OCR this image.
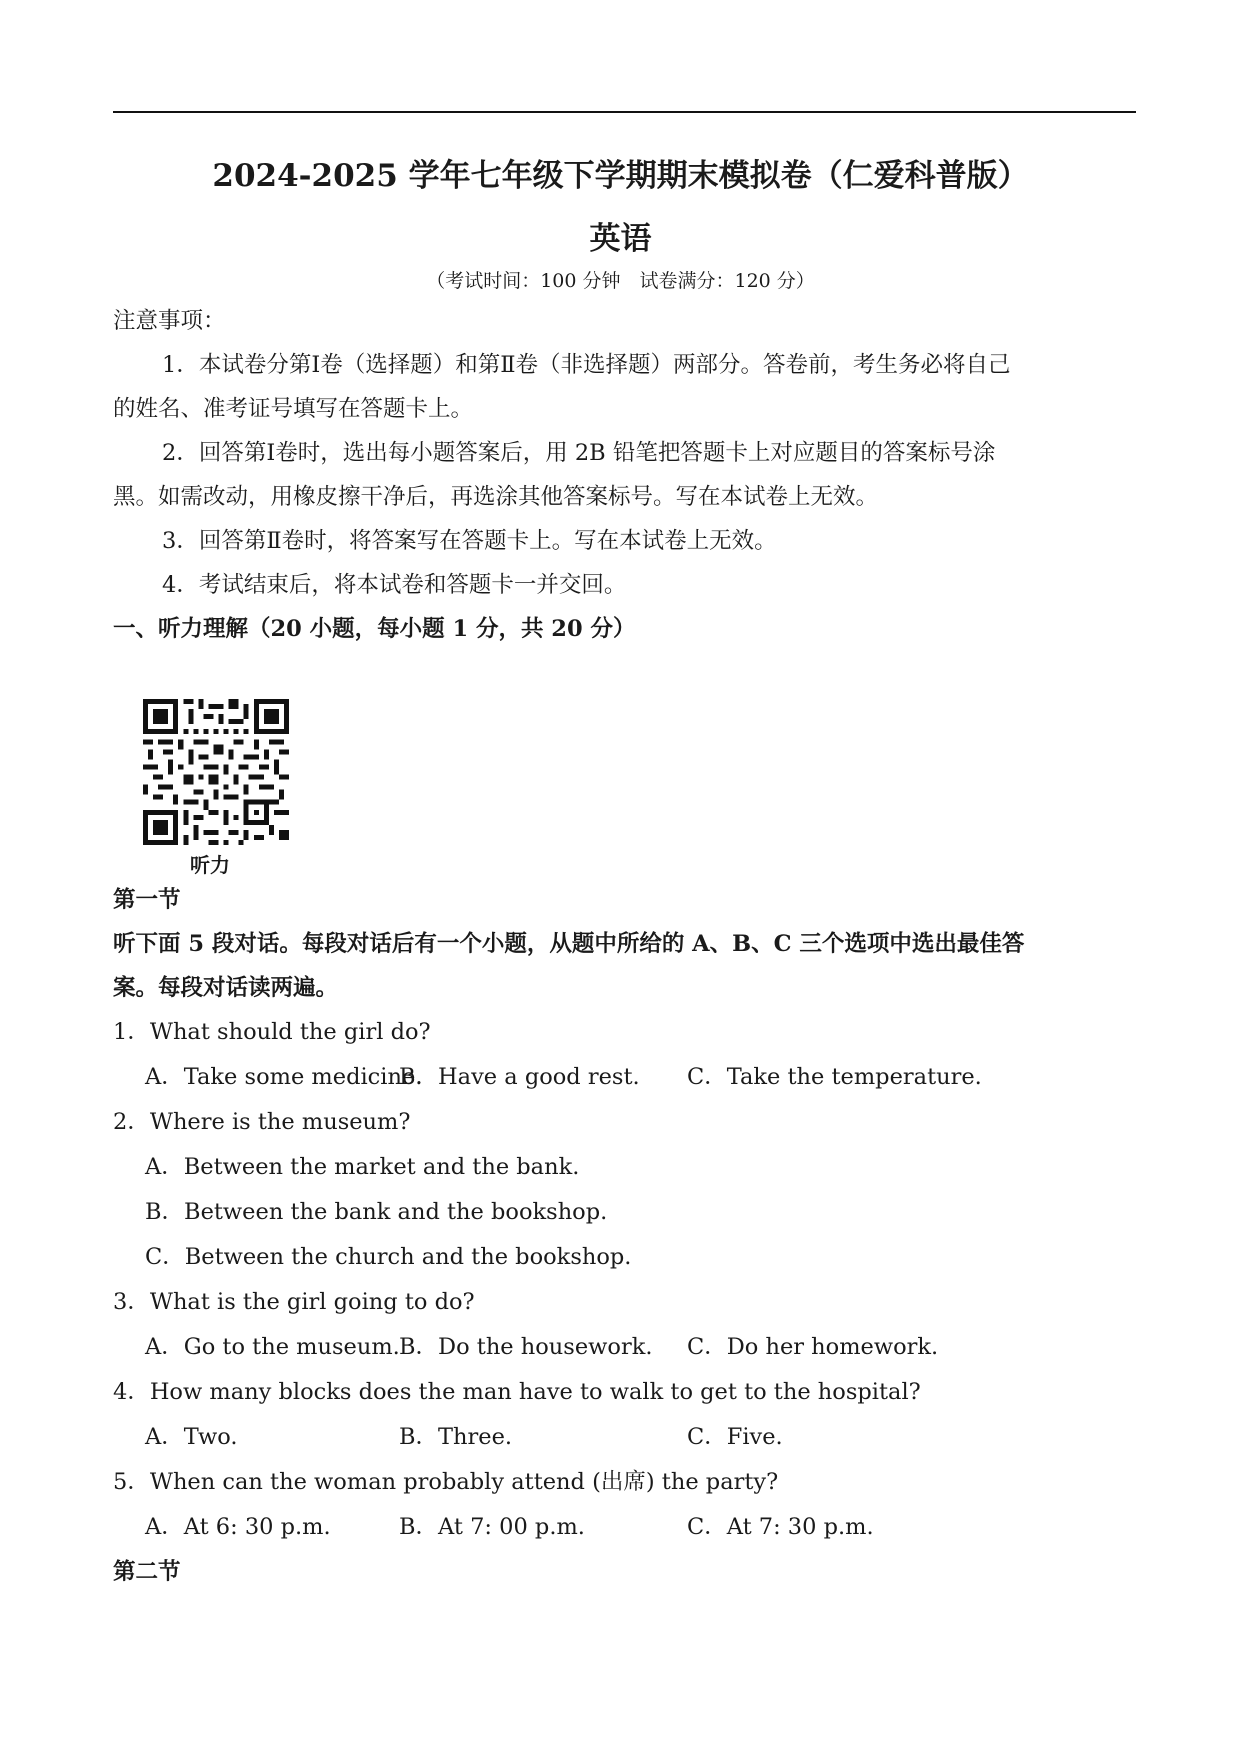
2024-2025 学年七年级下学期期末模拟卷（仁爱科普版）
英语
（考试时间：100 分钟　试卷满分：120 分）
注意事项：
1．本试卷分第Ⅰ卷（选择题）和第Ⅱ卷（非选择题）两部分。答卷前，考生务必将自己
的姓名、准考证号填写在答题卡上。
2．回答第Ⅰ卷时，选出每小题答案后，用 2B 铅笔把答题卡上对应题目的答案标号涂
黑。如需改动，用橡皮擦干净后，再选涂其他答案标号。写在本试卷上无效。
3．回答第Ⅱ卷时，将答案写在答题卡上。写在本试卷上无效。
4．考试结束后，将本试卷和答题卡一并交回。
一、听力理解（20 小题，每小题 1 分，共 20 分）
听力
第一节
听下面 5 段对话。每段对话后有一个小题，从题中所给的 A、B、C 三个选项中选出最佳答
案。每段对话读两遍。
1．What should the girl do?
A．Take some medicine.
B．Have a good rest. C．Take the temperature.
2．Where is the museum?
A．Between the market and the bank.
B．Between the bank and the bookshop.
C．Between the church and the bookshop.
3．What is the girl going to do?
A．Go to the museum. B．Do the housework. C．Do her homework.
4．How many blocks does the man have to walk to get to the hospital?
A．Two.	B．Three.	C．Five.
5．When can the woman probably attend (出席) the party?
A．At 6: 30 p.m.	B．At 7: 00 p.m.	C．At 7: 30 p.m.
第二节
